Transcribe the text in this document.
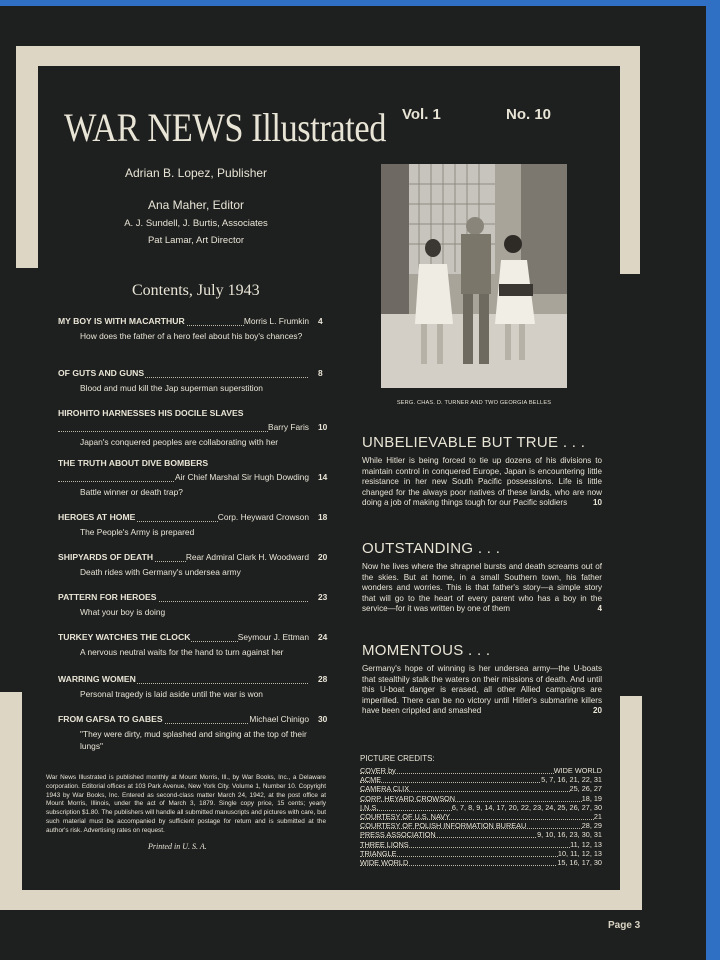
WAR NEWS Illustrated Vol. 1	No. 10
Adrian B. Lopez, Publisher
Ana Maher, Editor
A. J. Sundell, J. Burtis, Associates
Pat Lamar, Art Director
Contents, July 1943
MY BOY IS WITH MACARTHUR	Morris L. Frumkin 4
How does the father of a hero feel about his boy's chances?
OF GUTS AND GUNS	8
Blood and mud kill the Jap superman superstition
HIROHITO HARNESSES HIS DOCILE SLAVES
Barry Faris 10
Japan's conquered peoples are collaborating with her
THE TRUTH ABOUT DIVE BOMBERS
Air Chief Marshal Sir Hugh Dowding 14
Battle winner or death trap?
HEROES AT HOME	Corp. Heyward Crowson 18
The People's Army is prepared
SHIPYARDS OF DEATH	Rear Admiral Clark H. Woodward 20
Death rides with Germany's undersea army
PATTERN FOR HEROES	23
What your boy is doing
TURKEY WATCHES THE CLOCK	Seymour J. Ettman 24
A nervous neutral waits for the hand to turn against her
WARRING WOMEN	28
Personal tragedy is laid aside until the war is won
FROM GAFSA TO GABES	Michael Chinigo 30
"They were dirty, mud splashed and singing at the top of their lungs"
SERG. CHAS. D. TURNER AND TWO GEORGIA BELLES
UNBELIEVABLE BUT TRUE . . .
While Hitler is being forced to tie up dozens of his divisions to maintain control in conquered Europe, Japan is encountering little resistance in her new South Pacific possessions. Life is little changed for the always poor natives of these lands, who are now doing a job of making things tough for our Pacific soldiers	10
OUTSTANDING . . .
Now he lives where the shrapnel bursts and death screams out of the skies. But at home, in a small Southern town, his father wonders and worries. This is that father's story—a simple story that will go to the heart of every parent who has a boy in the service—for it was written by one of them	4
MOMENTOUS . . .
Germany's hope of winning is her undersea army—the U-boats that stealthily stalk the waters on their missions of death. And until this U-boat danger is erased, all other Allied campaigns are imperilled. There can be no victory until Hitler's submarine killers have been crippled and smashed	20
PICTURE CREDITS:
COVER by	WIDE WORLD
ACME	5, 7, 16, 21, 22, 31
CAMERA CLIX	25, 26, 27
CORP. HEYARD CROWSON	18, 19
I.N.S.	6, 7, 8, 9, 14, 17, 20, 22, 23, 24, 25, 26, 27, 30
COURTESY OF U.S. NAVY	21
COURTESY OF POLISH INFORMATION BUREAU	28, 29
PRESS ASSOCIATION	9, 10, 16, 23, 30, 31
THREE LIONS	11, 12, 13
TRIANGLE	10, 11, 12, 13
WIDE WORLD	15, 16, 17, 30
War News Illustrated is published monthly at Mount Morris, Ill., by War Books, Inc., a Delaware corporation. Editorial offices at 103 Park Avenue, New York City. Volume 1, Number 10. Copyright 1943 by War Books, Inc. Entered as second-class matter March 24, 1942, at the post office at Mount Morris, Illinois, under the act of March 3, 1879. Single copy price, 15 cents; yearly subscription $1.80. The publishers will handle all submitted manuscripts and pictures with care, but such material must be accompanied by sufficient postage for return and is submitted at the author's risk. Advertising rates on request.
Printed in U. S. A.
Page 3
